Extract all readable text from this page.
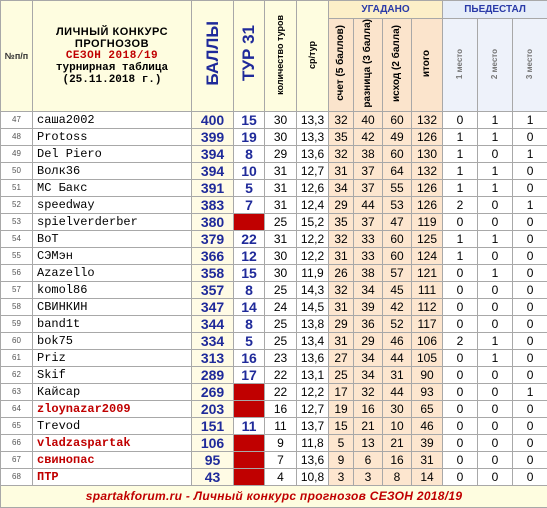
№п/п	ЛИЧНЫЙ КОНКУРС
ПРОГНОЗОВ
СЕЗОН 2018/19
турнирная таблица
(25.11.2018 г.)	БАЛЛЫ	ТУР 31	количество туров	ср/тур	УГАДАНО				ПЬЕДЕСТАЛ		
						счет (5 баллов)	разница (3 балла)	исход (2 балла)	итого	1 место	2 место	3 место
47	саша2002	400	15	30	13,3	32	40	60	132	0	1	1
48	Protoss	399	19	30	13,3	35	42	49	126	1	1	0
49	Del Piero	394	8	29	13,6	32	38	60	130	1	0	1
50	Волк36	394	10	31	12,7	31	37	64	132	1	1	0
51	МС Бакс	391	5	31	12,6	34	37	55	126	1	1	0
52	speedway	383	7	31	12,4	29	44	53	126	2	0	1
53	spielverderber	380		25	15,2	35	37	47	119	0	0	0
54	BoT	379	22	31	12,2	32	33	60	125	1	1	0
55	СЭМэн	366	12	30	12,2	31	33	60	124	1	0	0
56	Azazello	358	15	30	11,9	26	38	57	121	0	1	0
57	komol86	357	8	25	14,3	32	34	45	111	0	0	0
58	СВИНКИН	347	14	24	14,5	31	39	42	112	0	0	0
59	band1t	344	8	25	13,8	29	36	52	117	0	0	0
60	bok75	334	5	25	13,4	31	29	46	106	2	1	0
61	Priz	313	16	23	13,6	27	34	44	105	0	1	0
62	Skif	289	17	22	13,1	25	34	31	90	0	0	0
63	Кайсар	269		22	12,2	17	32	44	93	0	0	1
64	zloynazar2009	203		16	12,7	19	16	30	65	0	0	0
65	Trevod	151	11	11	13,7	15	21	10	46	0	0	0
66	vladzaspartak	106		9	11,8	5	13	21	39	0	0	0
67	свинопас	95		7	13,6	9	6	16	31	0	0	0
68	ПТР	43		4	10,8	3	3	8	14	0	0	0
spartakforum.ru - Личный конкурс прогнозов СЕЗОН 2018/19												
